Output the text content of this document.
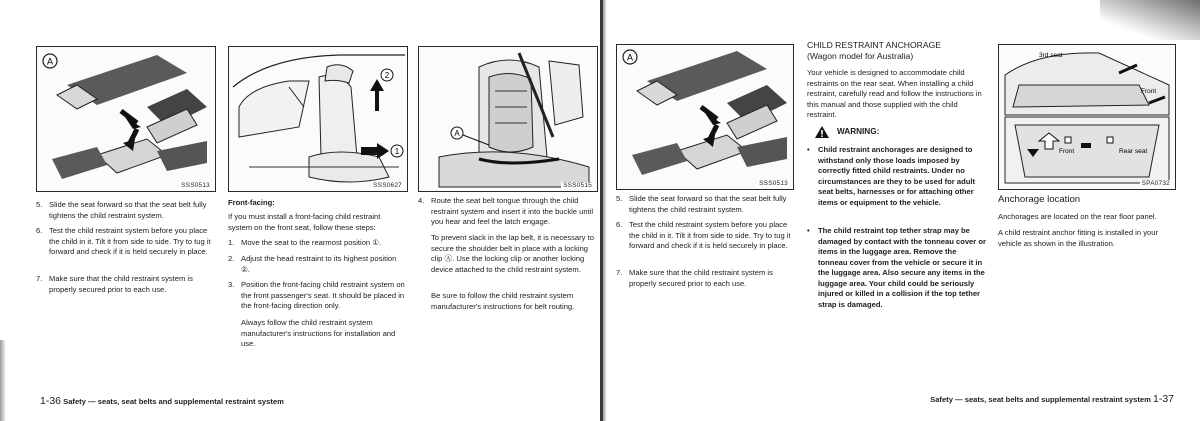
A
SSS0513
2
1
SSS0627
A
SSS0515
5. Slide the seat forward so that the seat belt fully tightens the child restraint system.
6. Test the child restraint system before you place the child in it. Tilt it from side to side. Try to tug it forward and check if it is held securely in place.
7. Make sure that the child restraint system is properly secured prior to each use.
Front-facing:
If you must install a front-facing child restraint system on the front seat, follow these steps:
1. Move the seat to the rearmost position ①.
2. Adjust the head restraint to its highest position ②.
3. Position the front-facing child restraint system on the front passenger's seat. It should be placed in the front-facing direction only.
Always follow the child restraint system manufacturer's instructions for installation and use.
4. Route the seat belt tongue through the child restraint system and insert it into the buckle until you hear and feel the latch engage.
To prevent slack in the lap belt, it is necessary to secure the shoulder belt in place with a locking clip Ⓐ. Use the locking clip or another locking device attached to the child restraint system.
Be sure to follow the child restraint system manufacturer's instructions for belt routing.
1-36 Safety — seats, seat belts and supplemental restraint system
A
SSS0513
3rd seat
Front
Front	Rear seat
SPA0732
5. Slide the seat forward so that the seat belt fully tightens the child restraint system.
6. Test the child restraint system before you place the child in it. Tilt it from side to side. Try to tug it forward and check if it is held securely in place.
7. Make sure that the child restraint system is properly secured prior to each use.
CHILD RESTRAINT ANCHORAGE
(Wagon model for Australia)
Your vehicle is designed to accommodate child restraints on the rear seat. When installing a child restraint, carefully read and follow the instructions in this manual and those supplied with the child restraint.
WARNING:
• Child restraint anchorages are designed to withstand only those loads imposed by correctly fitted child restraints. Under no circumstances are they to be used for adult seat belts, harnesses or for attaching other items or equipment to the vehicle.
• The child restraint top tether strap may be damaged by contact with the tonneau cover or items in the luggage area. Remove the tonneau cover from the vehicle or secure it in the luggage area. Also secure any items in the luggage area. Your child could be seriously injured or killed in a collision if the top tether strap is damaged.
Anchorage location
Anchorages are located on the rear floor panel.
A child restraint anchor fitting is installed in your vehicle as shown in the illustration.
Safety — seats, seat belts and supplemental restraint system 1-37
